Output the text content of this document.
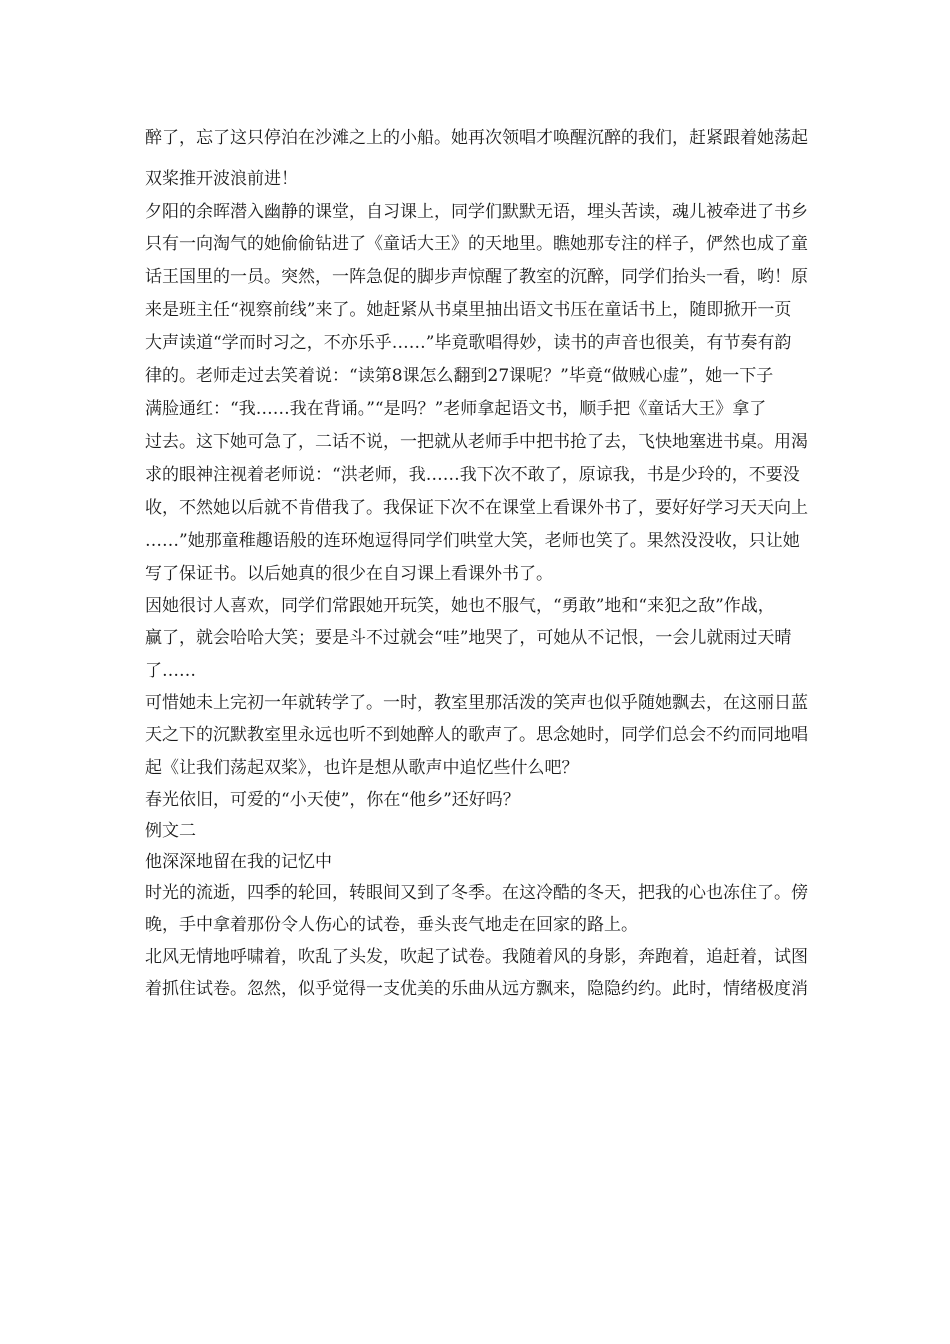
醉了，忘了这只停泊在沙滩之上的小船。她再次领唱才唤醒沉醉的我们，赶紧跟着她荡起
双桨推开波浪前进！
夕阳的余晖潜入幽静的课堂，自习课上，同学们默默无语，埋头苦读，魂儿被牵进了书乡
只有一向淘气的她偷偷钻进了《童话大王》的天地里。瞧她那专注的样子，俨然也成了童
话王国里的一员。突然，一阵急促的脚步声惊醒了教室的沉醉，同学们抬头一看，哟！原
来是班主任“视察前线”来了。她赶紧从书桌里抽出语文书压在童话书上，随即掀开一页
大声读道“学而时习之，不亦乐乎……”毕竟歌唱得妙，读书的声音也很美，有节奏有韵
律的。老师走过去笑着说：“读第8课怎么翻到27课呢？”毕竟“做贼心虚”，她一下子
满脸通红：“我……我在背诵。”“是吗？”老师拿起语文书，顺手把《童话大王》拿了
过去。这下她可急了，二话不说，一把就从老师手中把书抢了去，飞快地塞进书桌。用渴
求的眼神注视着老师说：“洪老师，我……我下次不敢了，原谅我，书是少玲的，不要没
收，不然她以后就不肯借我了。我保证下次不在课堂上看课外书了，要好好学习天天向上
……”她那童稚趣语般的连环炮逗得同学们哄堂大笑，老师也笑了。果然没没收，只让她
写了保证书。以后她真的很少在自习课上看课外书了。
因她很讨人喜欢，同学们常跟她开玩笑，她也不服气，“勇敢”地和“来犯之敌”作战，
赢了，就会哈哈大笑；要是斗不过就会“哇”地哭了，可她从不记恨，一会儿就雨过天晴
了……
可惜她未上完初一年就转学了。一时，教室里那活泼的笑声也似乎随她飘去，在这丽日蓝
天之下的沉默教室里永远也听不到她醉人的歌声了。思念她时，同学们总会不约而同地唱
起《让我们荡起双桨》，也许是想从歌声中追忆些什么吧？
春光依旧，可爱的“小天使”，你在“他乡”还好吗？
例文二
他深深地留在我的记忆中
时光的流逝，四季的轮回，转眼间又到了冬季。在这冷酷的冬天，把我的心也冻住了。傍
晚，手中拿着那份令人伤心的试卷，垂头丧气地走在回家的路上。
北风无情地呼啸着，吹乱了头发，吹起了试卷。我随着风的身影，奔跑着，追赶着，试图
着抓住试卷。忽然，似乎觉得一支优美的乐曲从远方飘来，隐隐约约。此时，情绪极度消
